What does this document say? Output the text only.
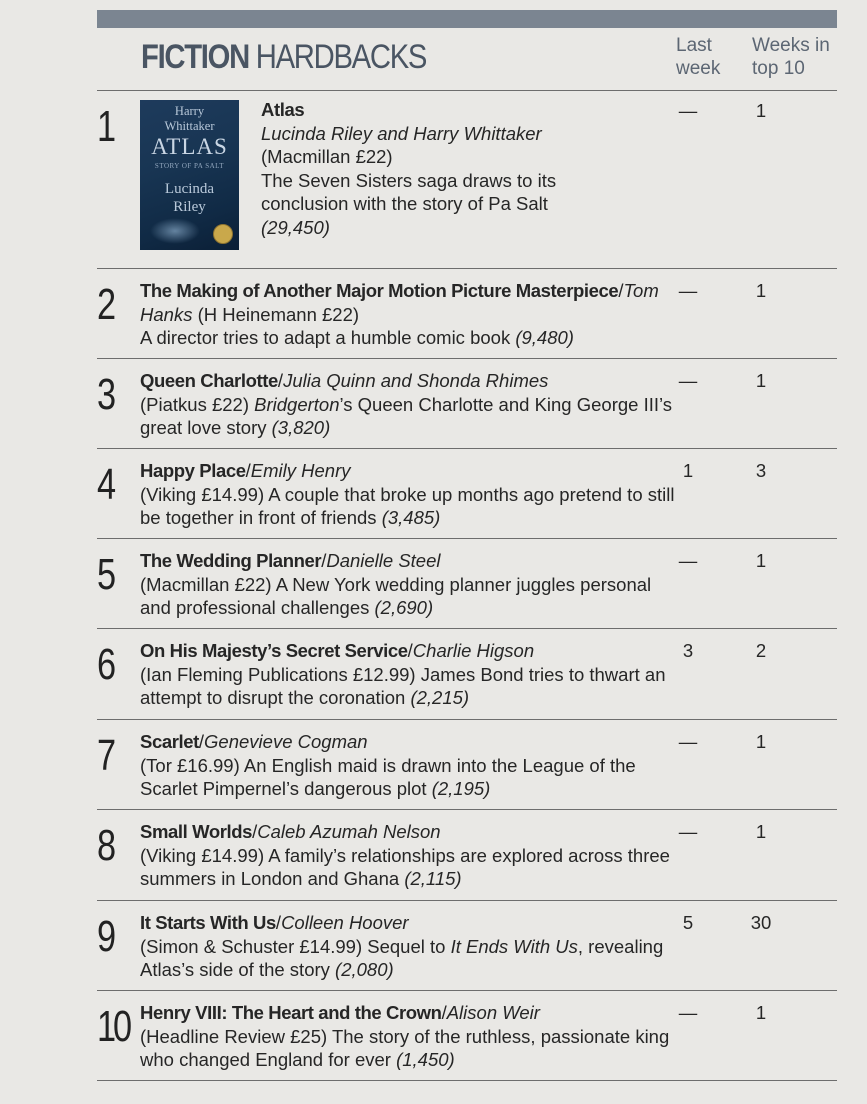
FICTION HARDBACKS	Last
week
Weeks in
top 10
1	Harry
Whittaker
ATLAS
STORY OF PA SALT
Lucinda
Riley
Atlas
Lucinda Riley and Harry Whittaker
(Macmillan £22)
The Seven Sisters saga draws to its conclusion with the story of Pa Salt
(29,450)
—	1
2	The Making of Another Major Motion Picture Masterpiece/Tom Hanks (H Heinemann £22)
A director tries to adapt a humble comic book (9,480)
—	1
3	Queen Charlotte/Julia Quinn and Shonda Rhimes
(Piatkus £22) Bridgerton’s Queen Charlotte and King George III’s great love story (3,820)
—	1
4	Happy Place/Emily Henry
(Viking £14.99) A couple that broke up months ago pretend to still be together in front of friends (3,485)
1	3
5	The Wedding Planner/Danielle Steel
(Macmillan £22) A New York wedding planner juggles personal and professional challenges (2,690)
—	1
6	On His Majesty’s Secret Service/Charlie Higson
(Ian Fleming Publications £12.99) James Bond tries to thwart an attempt to disrupt the coronation (2,215)
3	2
7	Scarlet/Genevieve Cogman
(Tor £16.99) An English maid is drawn into the League of the Scarlet Pimpernel’s dangerous plot (2,195)
—	1
8	Small Worlds/Caleb Azumah Nelson
(Viking £14.99) A family’s relationships are explored across three summers in London and Ghana (2,115)
—	1
9	It Starts With Us/Colleen Hoover
(Simon & Schuster £14.99) Sequel to It Ends With Us, revealing Atlas’s side of the story (2,080)
5	30
10 Henry VIII: The Heart and the Crown/Alison Weir
(Headline Review £25) The story of the ruthless, passionate king who changed England for ever (1,450)
—	1
